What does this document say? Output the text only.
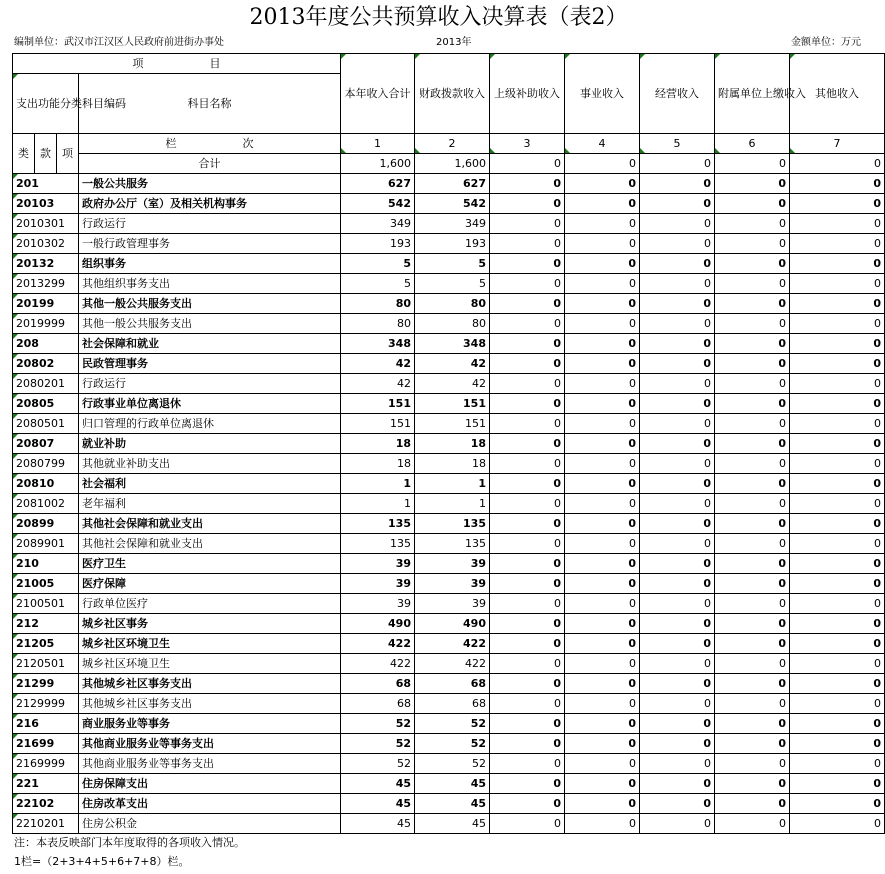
2013年度公共预算收入决算表（表2）
编制单位：武汉市江汉区人民政府前进街办事处	2013年	金额单位：万元
项　　　　　　目				本年收入合计	财政拨款收入	上级补助收入	事业收入	经营收入	附属单位上缴收入	其他收入
支出功能分类科目编码			科目名称							

类	款	项	栏　　　　　　次	1	2	3	4	5	6	7
			合计	1,600	1,600	0	0	0	0	0
201			一般公共服务	627	627	0	0	0	0	0
20103			政府办公厅（室）及相关机构事务	542	542	0	0	0	0	0
2010301			行政运行	349	349	0	0	0	0	0
2010302			一般行政管理事务	193	193	0	0	0	0	0
20132			组织事务	5	5	0	0	0	0	0
2013299			其他组织事务支出	5	5	0	0	0	0	0
20199			其他一般公共服务支出	80	80	0	0	0	0	0
2019999			其他一般公共服务支出	80	80	0	0	0	0	0
208			社会保障和就业	348	348	0	0	0	0	0
20802			民政管理事务	42	42	0	0	0	0	0
2080201			行政运行	42	42	0	0	0	0	0
20805			行政事业单位离退休	151	151	0	0	0	0	0
2080501			归口管理的行政单位离退休	151	151	0	0	0	0	0
20807			就业补助	18	18	0	0	0	0	0
2080799			其他就业补助支出	18	18	0	0	0	0	0
20810			社会福利	1	1	0	0	0	0	0
2081002			老年福利	1	1	0	0	0	0	0
20899			其他社会保障和就业支出	135	135	0	0	0	0	0
2089901			其他社会保障和就业支出	135	135	0	0	0	0	0
210			医疗卫生	39	39	0	0	0	0	0
21005			医疗保障	39	39	0	0	0	0	0
2100501			行政单位医疗	39	39	0	0	0	0	0
212			城乡社区事务	490	490	0	0	0	0	0
21205			城乡社区环境卫生	422	422	0	0	0	0	0
2120501			城乡社区环境卫生	422	422	0	0	0	0	0
21299			其他城乡社区事务支出	68	68	0	0	0	0	0
2129999			其他城乡社区事务支出	68	68	0	0	0	0	0
216			商业服务业等事务	52	52	0	0	0	0	0
21699			其他商业服务业等事务支出	52	52	0	0	0	0	0
2169999			其他商业服务业等事务支出	52	52	0	0	0	0	0
221			住房保障支出	45	45	0	0	0	0	0
22102			住房改革支出	45	45	0	0	0	0	0
2210201			住房公积金	45	45	0	0	0	0	0
注：本表反映部门本年度取得的各项收入情况。
1栏=（2+3+4+5+6+7+8）栏。
